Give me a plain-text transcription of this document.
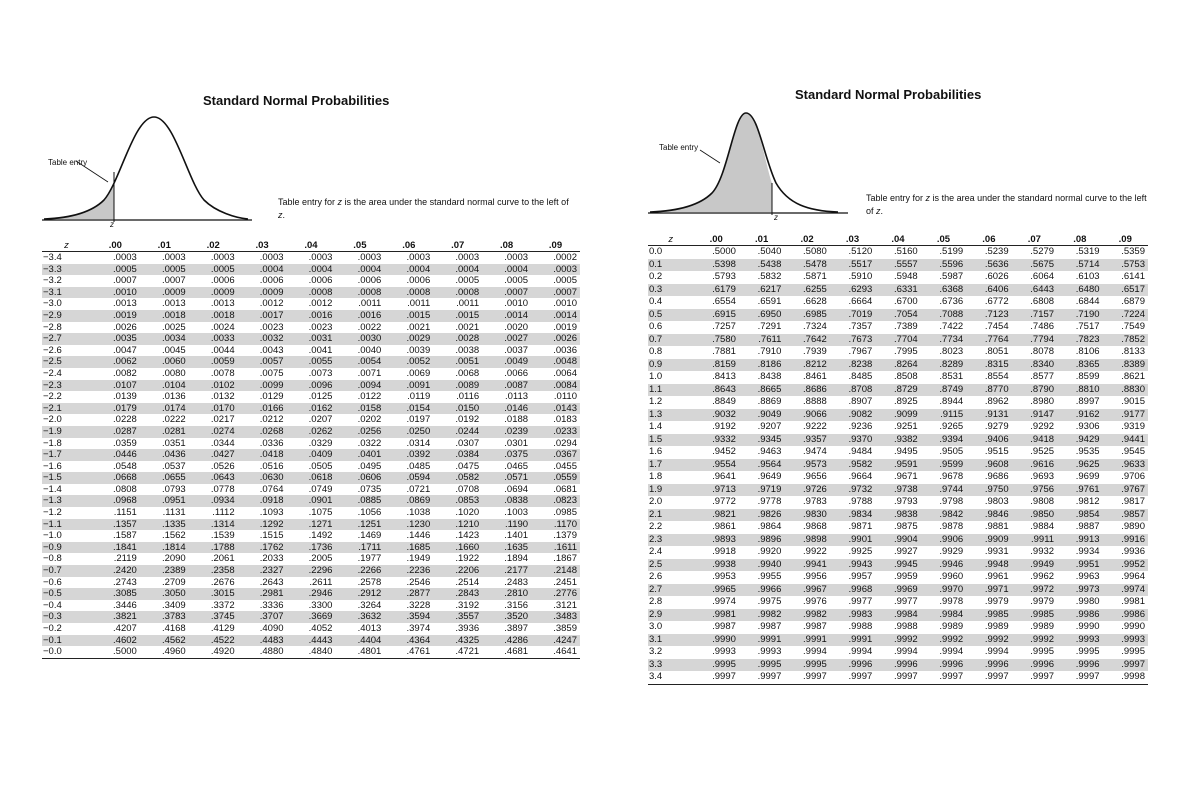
Standard Normal Probabilities
Table entry
z
Table entry for z is the area under the standard normal curve to the left of z.
z	.00	.01	.02	.03	.04	.05	.06	.07	.08	.09
−3.4	.0003	.0003	.0003	.0003	.0003	.0003	.0003	.0003	.0003	.0002
−3.3	.0005	.0005	.0005	.0004	.0004	.0004	.0004	.0004	.0004	.0003
−3.2	.0007	.0007	.0006	.0006	.0006	.0006	.0006	.0005	.0005	.0005
−3.1	.0010	.0009	.0009	.0009	.0008	.0008	.0008	.0008	.0007	.0007
−3.0	.0013	.0013	.0013	.0012	.0012	.0011	.0011	.0011	.0010	.0010
−2.9	.0019	.0018	.0018	.0017	.0016	.0016	.0015	.0015	.0014	.0014
−2.8	.0026	.0025	.0024	.0023	.0023	.0022	.0021	.0021	.0020	.0019
−2.7	.0035	.0034	.0033	.0032	.0031	.0030	.0029	.0028	.0027	.0026
−2.6	.0047	.0045	.0044	.0043	.0041	.0040	.0039	.0038	.0037	.0036
−2.5	.0062	.0060	.0059	.0057	.0055	.0054	.0052	.0051	.0049	.0048
−2.4	.0082	.0080	.0078	.0075	.0073	.0071	.0069	.0068	.0066	.0064
−2.3	.0107	.0104	.0102	.0099	.0096	.0094	.0091	.0089	.0087	.0084
−2.2	.0139	.0136	.0132	.0129	.0125	.0122	.0119	.0116	.0113	.0110
−2.1	.0179	.0174	.0170	.0166	.0162	.0158	.0154	.0150	.0146	.0143
−2.0	.0228	.0222	.0217	.0212	.0207	.0202	.0197	.0192	.0188	.0183
−1.9	.0287	.0281	.0274	.0268	.0262	.0256	.0250	.0244	.0239	.0233
−1.8	.0359	.0351	.0344	.0336	.0329	.0322	.0314	.0307	.0301	.0294
−1.7	.0446	.0436	.0427	.0418	.0409	.0401	.0392	.0384	.0375	.0367
−1.6	.0548	.0537	.0526	.0516	.0505	.0495	.0485	.0475	.0465	.0455
−1.5	.0668	.0655	.0643	.0630	.0618	.0606	.0594	.0582	.0571	.0559
−1.4	.0808	.0793	.0778	.0764	.0749	.0735	.0721	.0708	.0694	.0681
−1.3	.0968	.0951	.0934	.0918	.0901	.0885	.0869	.0853	.0838	.0823
−1.2	.1151	.1131	.1112	.1093	.1075	.1056	.1038	.1020	.1003	.0985
−1.1	.1357	.1335	.1314	.1292	.1271	.1251	.1230	.1210	.1190	.1170
−1.0	.1587	.1562	.1539	.1515	.1492	.1469	.1446	.1423	.1401	.1379
−0.9	.1841	.1814	.1788	.1762	.1736	.1711	.1685	.1660	.1635	.1611
−0.8	.2119	.2090	.2061	.2033	.2005	.1977	.1949	.1922	.1894	.1867
−0.7	.2420	.2389	.2358	.2327	.2296	.2266	.2236	.2206	.2177	.2148
−0.6	.2743	.2709	.2676	.2643	.2611	.2578	.2546	.2514	.2483	.2451
−0.5	.3085	.3050	.3015	.2981	.2946	.2912	.2877	.2843	.2810	.2776
−0.4	.3446	.3409	.3372	.3336	.3300	.3264	.3228	.3192	.3156	.3121
−0.3	.3821	.3783	.3745	.3707	.3669	.3632	.3594	.3557	.3520	.3483
−0.2	.4207	.4168	.4129	.4090	.4052	.4013	.3974	.3936	.3897	.3859
−0.1	.4602	.4562	.4522	.4483	.4443	.4404	.4364	.4325	.4286	.4247
−0.0	.5000	.4960	.4920	.4880	.4840	.4801	.4761	.4721	.4681	.4641
Standard Normal Probabilities
Table entry
z
Table entry for z is the area under the standard normal curve to the left of z.
z	.00	.01	.02	.03	.04	.05	.06	.07	.08	.09
0.0	.5000	.5040	.5080	.5120	.5160	.5199	.5239	.5279	.5319	.5359
0.1	.5398	.5438	.5478	.5517	.5557	.5596	.5636	.5675	.5714	.5753
0.2	.5793	.5832	.5871	.5910	.5948	.5987	.6026	.6064	.6103	.6141
0.3	.6179	.6217	.6255	.6293	.6331	.6368	.6406	.6443	.6480	.6517
0.4	.6554	.6591	.6628	.6664	.6700	.6736	.6772	.6808	.6844	.6879
0.5	.6915	.6950	.6985	.7019	.7054	.7088	.7123	.7157	.7190	.7224
0.6	.7257	.7291	.7324	.7357	.7389	.7422	.7454	.7486	.7517	.7549
0.7	.7580	.7611	.7642	.7673	.7704	.7734	.7764	.7794	.7823	.7852
0.8	.7881	.7910	.7939	.7967	.7995	.8023	.8051	.8078	.8106	.8133
0.9	.8159	.8186	.8212	.8238	.8264	.8289	.8315	.8340	.8365	.8389
1.0	.8413	.8438	.8461	.8485	.8508	.8531	.8554	.8577	.8599	.8621
1.1	.8643	.8665	.8686	.8708	.8729	.8749	.8770	.8790	.8810	.8830
1.2	.8849	.8869	.8888	.8907	.8925	.8944	.8962	.8980	.8997	.9015
1.3	.9032	.9049	.9066	.9082	.9099	.9115	.9131	.9147	.9162	.9177
1.4	.9192	.9207	.9222	.9236	.9251	.9265	.9279	.9292	.9306	.9319
1.5	.9332	.9345	.9357	.9370	.9382	.9394	.9406	.9418	.9429	.9441
1.6	.9452	.9463	.9474	.9484	.9495	.9505	.9515	.9525	.9535	.9545
1.7	.9554	.9564	.9573	.9582	.9591	.9599	.9608	.9616	.9625	.9633
1.8	.9641	.9649	.9656	.9664	.9671	.9678	.9686	.9693	.9699	.9706
1.9	.9713	.9719	.9726	.9732	.9738	.9744	.9750	.9756	.9761	.9767
2.0	.9772	.9778	.9783	.9788	.9793	.9798	.9803	.9808	.9812	.9817
2.1	.9821	.9826	.9830	.9834	.9838	.9842	.9846	.9850	.9854	.9857
2.2	.9861	.9864	.9868	.9871	.9875	.9878	.9881	.9884	.9887	.9890
2.3	.9893	.9896	.9898	.9901	.9904	.9906	.9909	.9911	.9913	.9916
2.4	.9918	.9920	.9922	.9925	.9927	.9929	.9931	.9932	.9934	.9936
2.5	.9938	.9940	.9941	.9943	.9945	.9946	.9948	.9949	.9951	.9952
2.6	.9953	.9955	.9956	.9957	.9959	.9960	.9961	.9962	.9963	.9964
2.7	.9965	.9966	.9967	.9968	.9969	.9970	.9971	.9972	.9973	.9974
2.8	.9974	.9975	.9976	.9977	.9977	.9978	.9979	.9979	.9980	.9981
2.9	.9981	.9982	.9982	.9983	.9984	.9984	.9985	.9985	.9986	.9986
3.0	.9987	.9987	.9987	.9988	.9988	.9989	.9989	.9989	.9990	.9990
3.1	.9990	.9991	.9991	.9991	.9992	.9992	.9992	.9992	.9993	.9993
3.2	.9993	.9993	.9994	.9994	.9994	.9994	.9994	.9995	.9995	.9995
3.3	.9995	.9995	.9995	.9996	.9996	.9996	.9996	.9996	.9996	.9997
3.4	.9997	.9997	.9997	.9997	.9997	.9997	.9997	.9997	.9997	.9998
